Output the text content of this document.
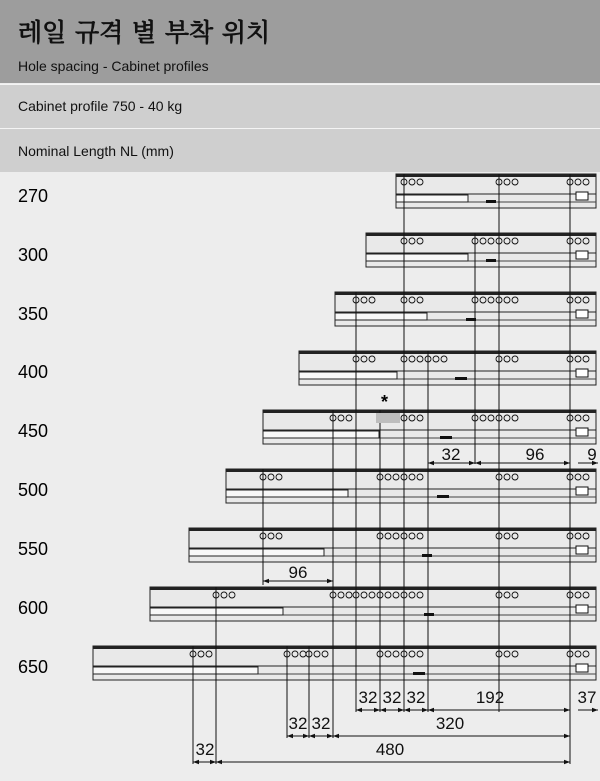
레일 규격 별 부착 위치
Hole spacing - Cabinet profiles
Cabinet profile 750 - 40 kg
Nominal Length NL (mm)
270
300
350
400
450
500
550
600
650
*
32	96	9
96
32 32 32	192	37
32 32	320
32	480
